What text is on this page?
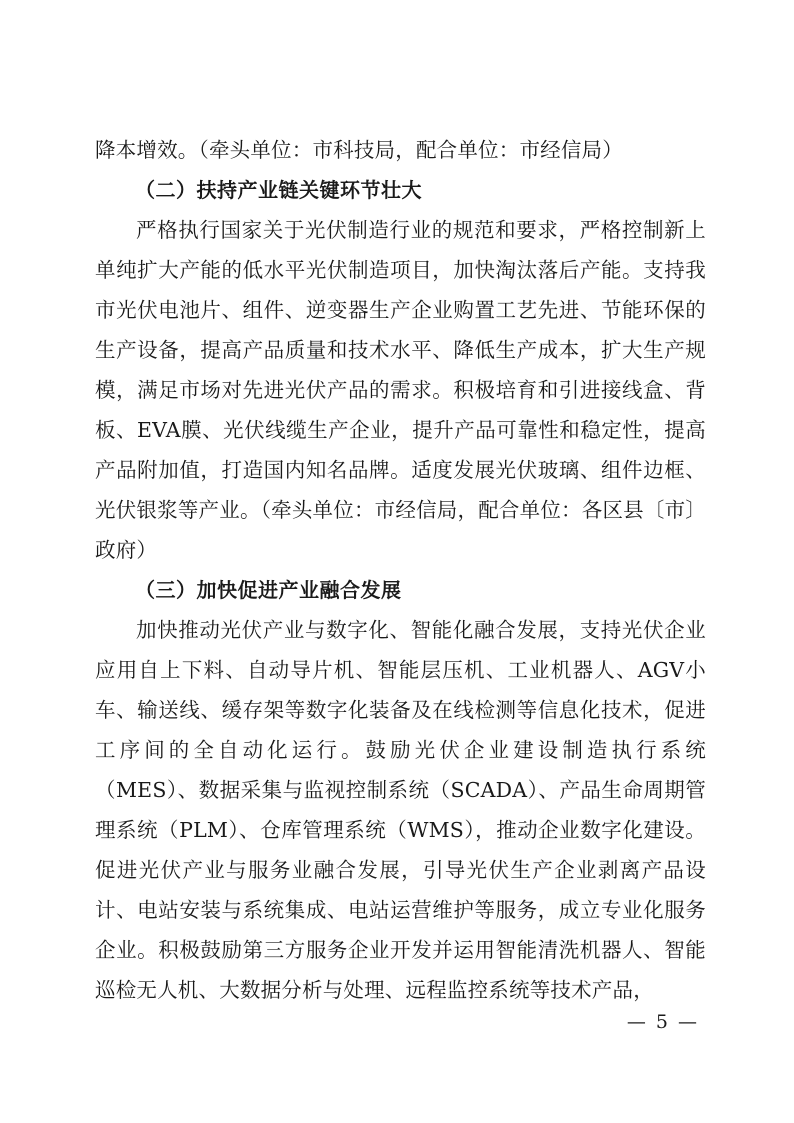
降本增效。（牵头单位：市科技局，配合单位：市经信局）

（二）扶持产业链关键环节壮大

严格执行国家关于光伏制造行业的规范和要求，严格控制新上单纯扩大产能的低水平光伏制造项目，加快淘汰落后产能。支持我市光伏电池片、组件、逆变器生产企业购置工艺先进、节能环保的生产设备，提高产品质量和技术水平、降低生产成本，扩大生产规模，满足市场对先进光伏产品的需求。积极培育和引进接线盒、背板、EVA膜、光伏线缆生产企业，提升产品可靠性和稳定性，提高产品附加值，打造国内知名品牌。适度发展光伏玻璃、组件边框、光伏银浆等产业。（牵头单位：市经信局，配合单位：各区县〔市〕政府）

（三）加快促进产业融合发展

加快推动光伏产业与数字化、智能化融合发展，支持光伏企业应用自上下料、自动导片机、智能层压机、工业机器人、AGV小车、输送线、缓存架等数字化装备及在线检测等信息化技术，促进工序间的全自动化运行。鼓励光伏企业建设制造执行系统（MES）、数据采集与监视控制系统（SCADA）、产品生命周期管理系统（PLM）、仓库管理系统（WMS），推动企业数字化建设。促进光伏产业与服务业融合发展，引导光伏生产企业剥离产品设计、电站安装与系统集成、电站运营维护等服务，成立专业化服务企业。积极鼓励第三方服务企业开发并运用智能清洗机器人、智能巡检无人机、大数据分析与处理、远程监控系统等技术产品，

— 5 —
